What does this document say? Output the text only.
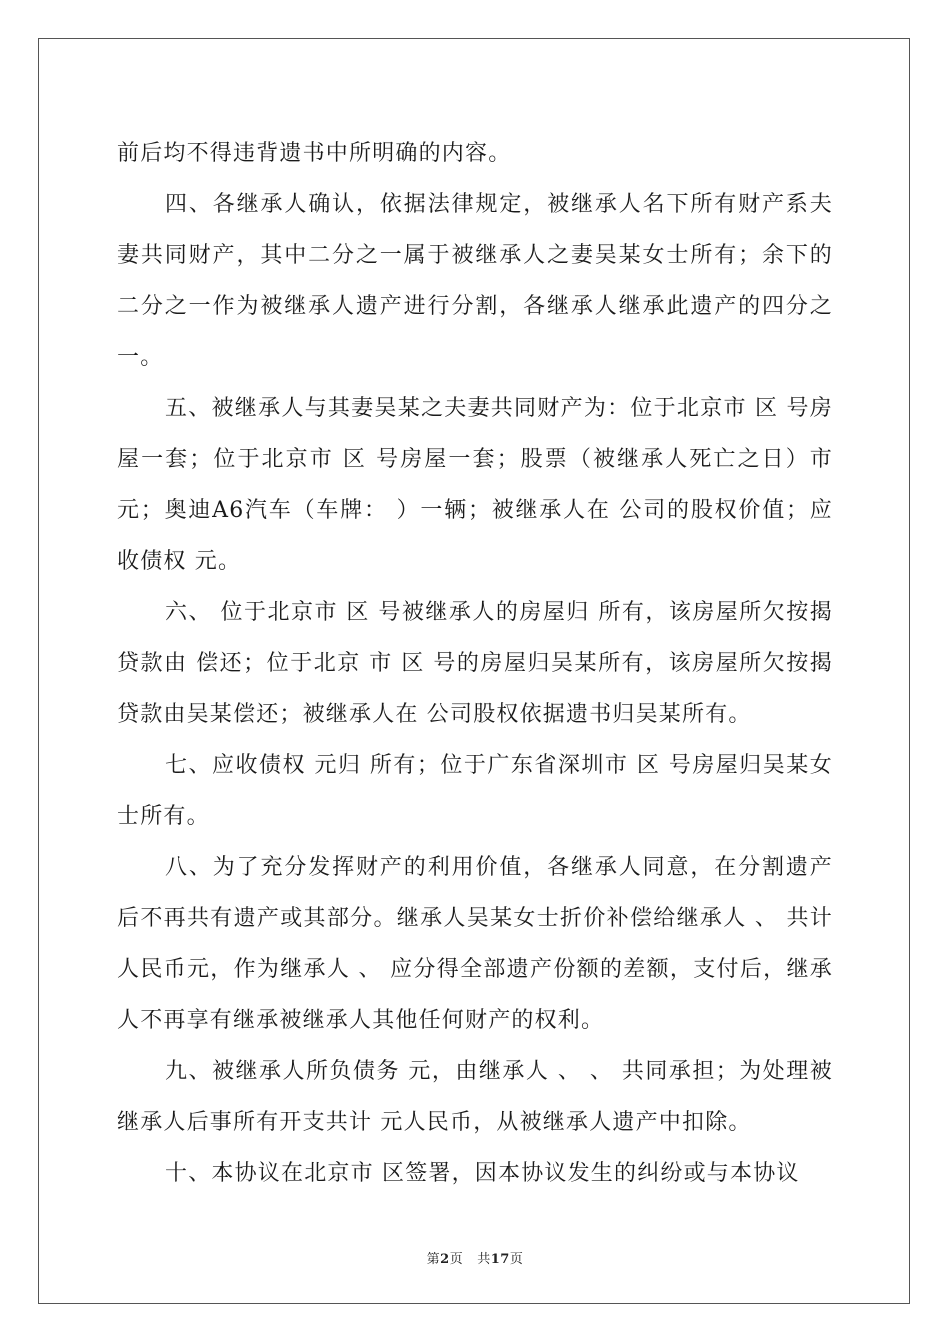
前后均不得违背遗书中所明确的内容。

四、各继承人确认，依据法律规定，被继承人名下所有财产系夫妻共同财产，其中二分之一属于被继承人之妻吴某女士所有；余下的二分之一作为被继承人遗产进行分割，各继承人继承此遗产的四分之一。

五、被继承人与其妻吴某之夫妻共同财产为：位于北京市 区 号房屋一套；位于北京市 区 号房屋一套；股票（被继承人死亡之日）市元；奥迪A6汽车（车牌： ）一辆；被继承人在 公司的股权价值；应收债权 元。

六、 位于北京市 区 号被继承人的房屋归 所有，该房屋所欠按揭贷款由 偿还；位于北京 市 区 号的房屋归吴某所有，该房屋所欠按揭贷款由吴某偿还；被继承人在 公司股权依据遗书归吴某所有。

七、应收债权 元归 所有；位于广东省深圳市 区 号房屋归吴某女士所有。

八、为了充分发挥财产的利用价值，各继承人同意，在分割遗产后不再共有遗产或其部分。继承人吴某女士折价补偿给继承人 、 共计人民币元，作为继承人 、 应分得全部遗产份额的差额，支付后，继承人不再享有继承被继承人其他任何财产的权利。

九、被继承人所负债务 元，由继承人 、 、 共同承担；为处理被继承人后事所有开支共计 元人民币，从被继承人遗产中扣除。

十、本协议在北京市 区签署，因本协议发生的纠纷或与本协议

第2页 共17页
